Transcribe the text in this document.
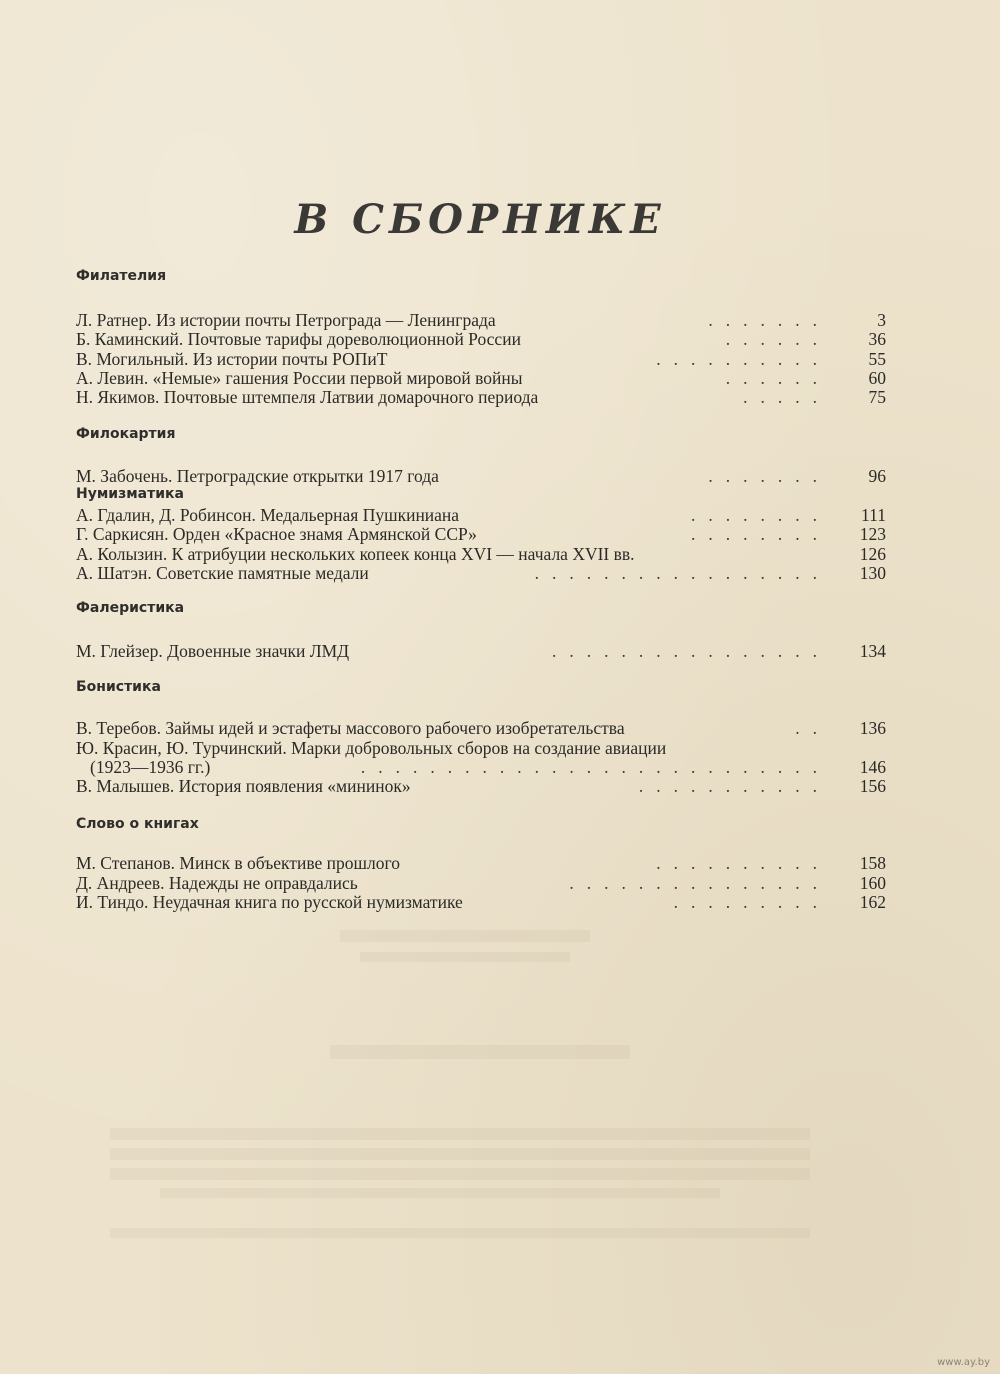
В СБОРНИКЕ
Филателия
Л. Ратнер. Из истории почты Петрограда — Ленинграда	.......	3
Б. Каминский. Почтовые тарифы дореволюционной России	...... 36
В. Могильный. Из истории почты РОПиТ	.......... 55
А. Левин. «Немые» гашения России первой мировой войны	...... 60
Н. Якимов. Почтовые штемпеля Латвии домарочного периода	..... 75
Филокартия
М. Забочень. Петроградские открытки 1917 года	....... 96
Нумизматика
А. Гдалин, Д. Робинсон. Медальерная Пушкиниана	........ 111
Г. Саркисян. Орден «Красное знамя Армянской ССР»	........ 123
А. Колызин. К атрибуции нескольких копеек конца XVI — начала XVII вв.	126
А. Шатэн. Советские памятные медали	................. 130
Фалеристика
М. Глейзер. Довоенные значки ЛМД	................ 134
Бонистика
В. Теребов. Займы идей и эстафеты массового рабочего изобретательства	.. 136
Ю. Красин, Ю. Турчинский. Марки добровольных сборов на создание авиации
(1923—1936 гг.)	........................... 146
В. Малышев. История появления «мининок»	........... 156
Слово о книгах
М. Степанов. Минск в объективе прошлого	.......... 158
Д. Андреев. Надежды не оправдались	............... 160
И. Тиндо. Неудачная книга по русской нумизматике	......... 162
www.ay.by
